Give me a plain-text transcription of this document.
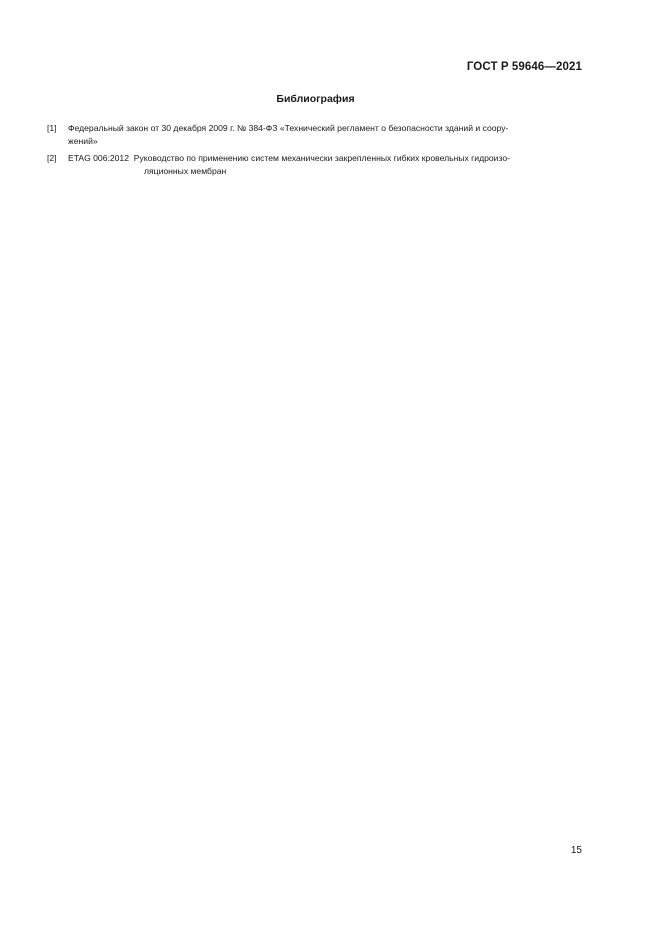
ГОСТ Р 59646—2021
Библиография
[1] Федеральный закон от 30 декабря 2009 г. № 384-ФЗ «Технический регламент о безопасности зданий и соору-
жений»
[2] ETAG 006:2012  Руководство по применению систем механически закрепленных гибких кровельных гидроизо-
ляционных мембран
15
